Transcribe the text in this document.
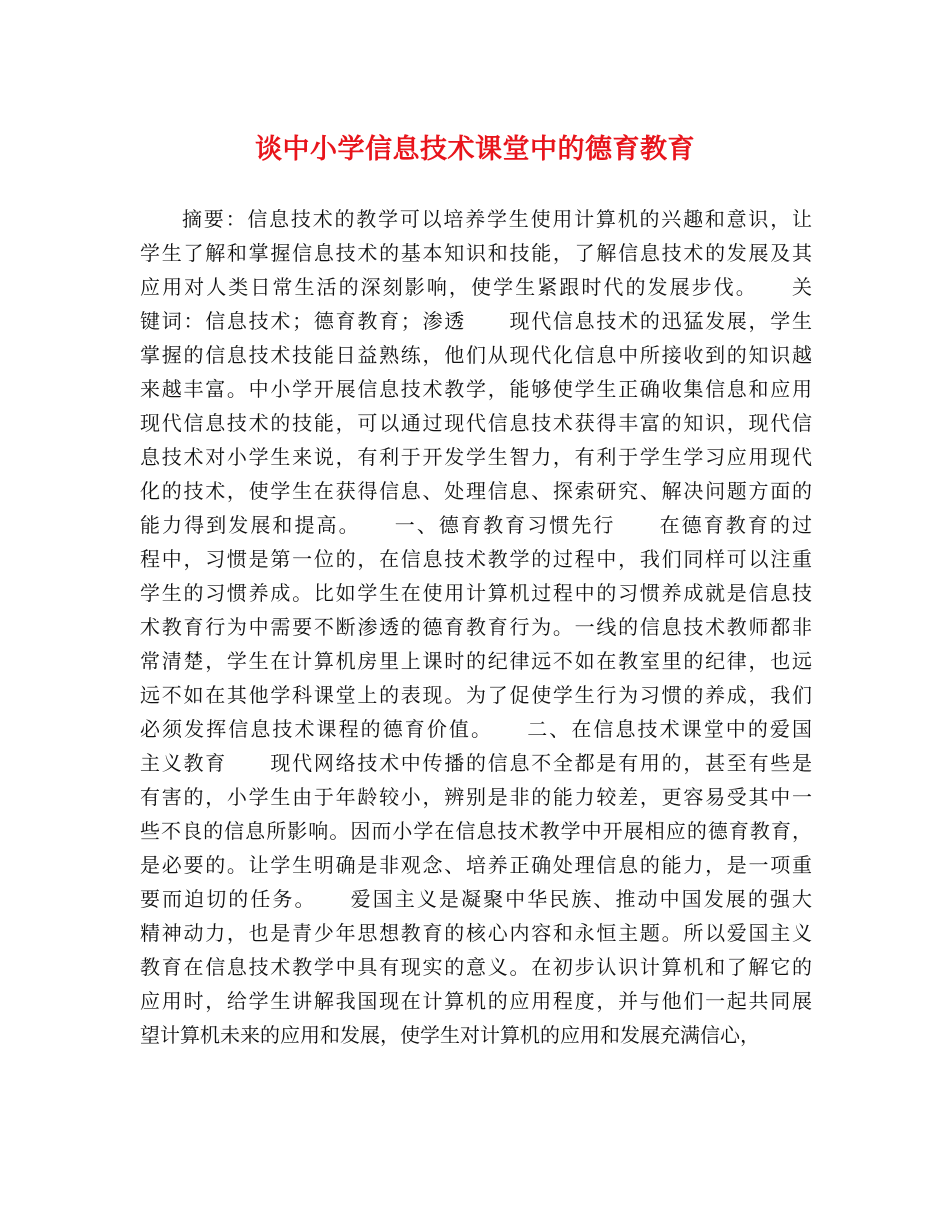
谈中小学信息技术课堂中的德育教育
摘要：信息技术的教学可以培养学生使用计算机的兴趣和意识，让
学生了解和掌握信息技术的基本知识和技能，了解信息技术的发展及其
应用对人类日常生活的深刻影响，使学生紧跟时代的发展步伐。　　关
键词：信息技术；德育教育；渗透　　现代信息技术的迅猛发展，学生
掌握的信息技术技能日益熟练，他们从现代化信息中所接收到的知识越
来越丰富。中小学开展信息技术教学，能够使学生正确收集信息和应用
现代信息技术的技能，可以通过现代信息技术获得丰富的知识，现代信
息技术对小学生来说，有利于开发学生智力，有利于学生学习应用现代
化的技术，使学生在获得信息、处理信息、探索研究、解决问题方面的
能力得到发展和提高。　　一、德育教育习惯先行　　在德育教育的过
程中，习惯是第一位的，在信息技术教学的过程中，我们同样可以注重
学生的习惯养成。比如学生在使用计算机过程中的习惯养成就是信息技
术教育行为中需要不断渗透的德育教育行为。一线的信息技术教师都非
常清楚，学生在计算机房里上课时的纪律远不如在教室里的纪律，也远
远不如在其他学科课堂上的表现。为了促使学生行为习惯的养成，我们
必须发挥信息技术课程的德育价值。　　二、在信息技术课堂中的爱国
主义教育　　现代网络技术中传播的信息不全都是有用的，甚至有些是
有害的，小学生由于年龄较小，辨别是非的能力较差，更容易受其中一
些不良的信息所影响。因而小学在信息技术教学中开展相应的德育教育，
是必要的。让学生明确是非观念、培养正确处理信息的能力，是一项重
要而迫切的任务。　　爱国主义是凝聚中华民族、推动中国发展的强大
精神动力，也是青少年思想教育的核心内容和永恒主题。所以爱国主义
教育在信息技术教学中具有现实的意义。在初步认识计算机和了解它的
应用时，给学生讲解我国现在计算机的应用程度，并与他们一起共同展
望计算机未来的应用和发展，使学生对计算机的应用和发展充满信心，
